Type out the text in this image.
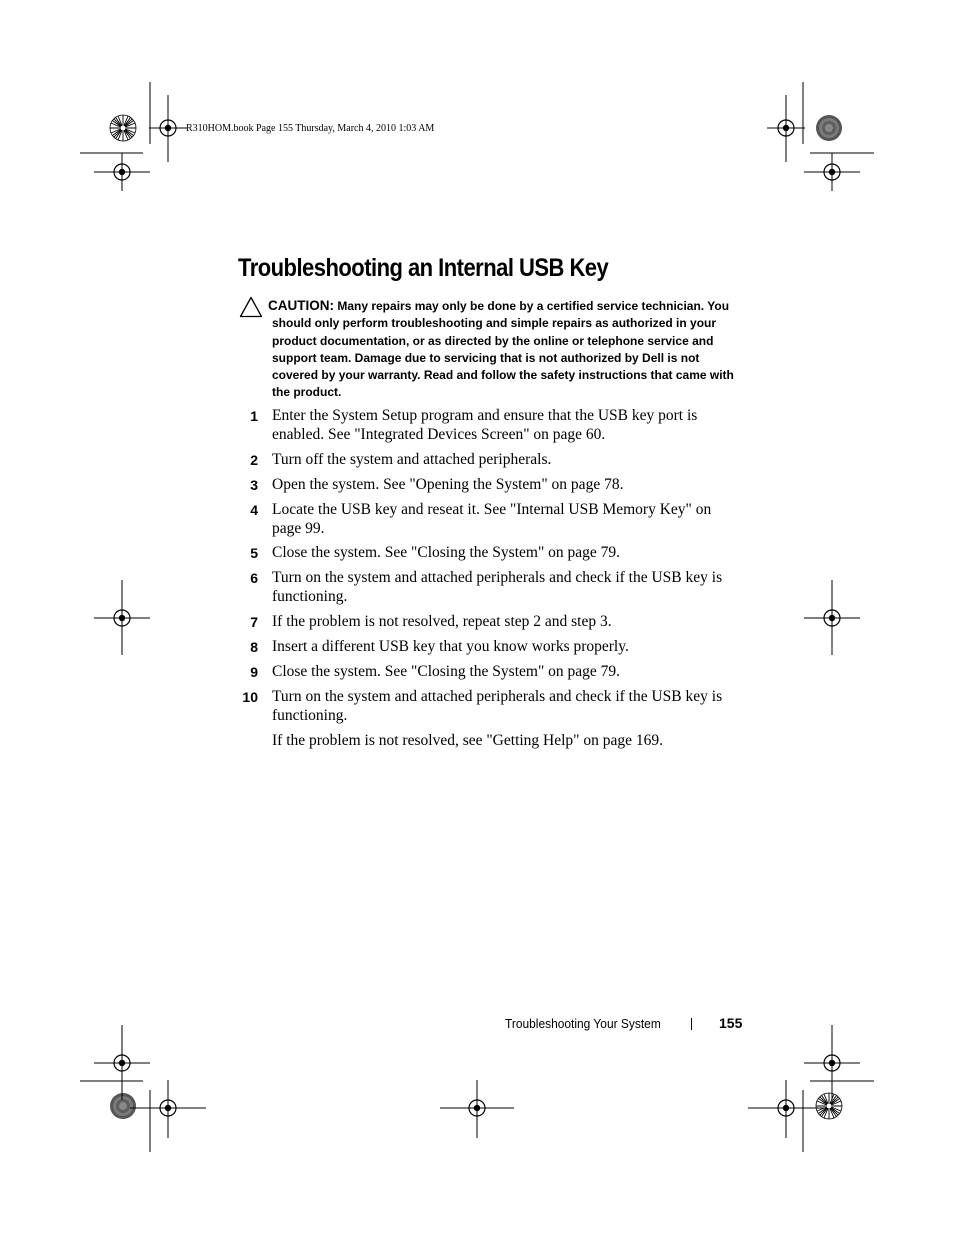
R310HOM.book Page 155 Thursday, March 4, 2010 1:03 AM
Troubleshooting an Internal USB Key
CAUTION: Many repairs may only be done by a certified service technician. You should only perform troubleshooting and simple repairs as authorized in your product documentation, or as directed by the online or telephone service and support team. Damage due to servicing that is not authorized by Dell is not covered by your warranty. Read and follow the safety instructions that came with the product.
1 Enter the System Setup program and ensure that the USB key port is enabled. See "Integrated Devices Screen" on page 60.
2 Turn off the system and attached peripherals.
3 Open the system. See "Opening the System" on page 78.
4 Locate the USB key and reseat it. See "Internal USB Memory Key" on page 99.
5 Close the system. See "Closing the System" on page 79.
6 Turn on the system and attached peripherals and check if the USB key is functioning.
7 If the problem is not resolved, repeat step 2 and step 3.
8 Insert a different USB key that you know works properly.
9 Close the system. See "Closing the System" on page 79.
10 Turn on the system and attached peripherals and check if the USB key is functioning.
If the problem is not resolved, see "Getting Help" on page 169.
Troubleshooting Your System	155
